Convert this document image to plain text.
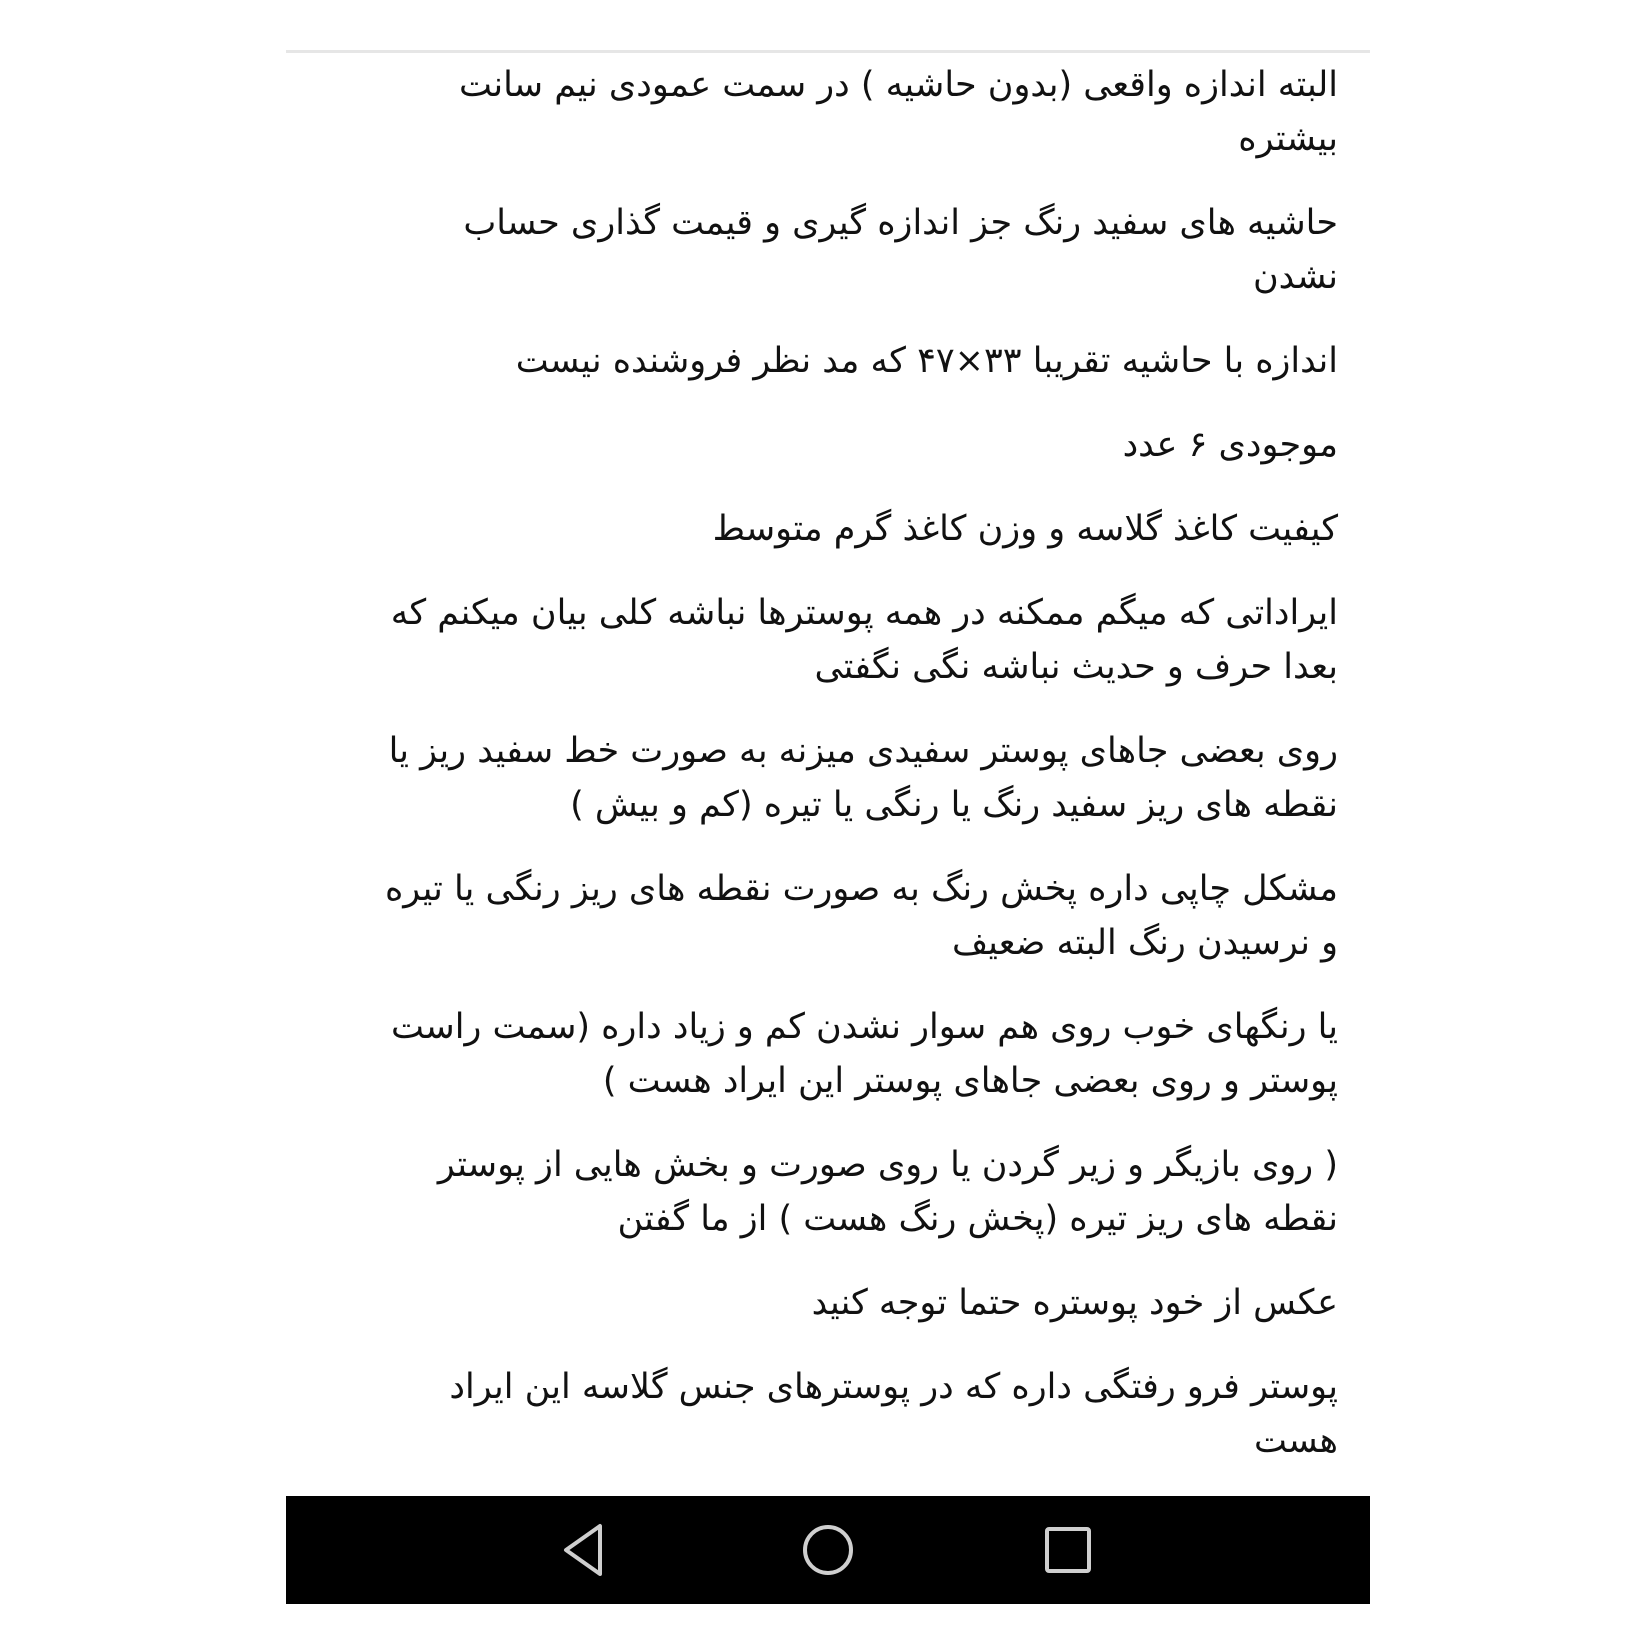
البته اندازه واقعی (بدون حاشیه ) در سمت عمودی نیم سانت بیشتره

حاشیه های سفید رنگ جز اندازه گیری و قیمت گذاری حساب نشدن

اندازه با حاشیه تقریبا ۳۳×۴۷ که مد نظر فروشنده نیست

موجودی ۶ عدد

کیفیت کاغذ گلاسه و وزن کاغذ گرم متوسط

ایراداتی که میگم ممکنه در همه پوسترها نباشه کلی بیان میکنم که بعدا حرف و حدیث نباشه نگی نگفتی

روی بعضی جاهای پوستر سفیدی میزنه به صورت خط سفید ریز یا نقطه های ریز سفید رنگ یا رنگی یا تیره (کم و بیش )

مشکل چاپی داره پخش رنگ به صورت نقطه های ریز رنگی یا تیره و نرسیدن رنگ البته ضعیف

یا رنگهای خوب روی هم سوار نشدن کم و زیاد داره (سمت راست پوستر و روی بعضی جاهای پوستر این ایراد هست )

( روی بازیگر و زیر گردن یا روی صورت و بخش هایی از پوستر نقطه های ریز تیره (پخش رنگ هست ) از ما گفتن

عکس از خود پوستره حتما توجه کنید

پوستر فرو رفتگی داره که در پوسترهای جنس گلاسه این ایراد هست
